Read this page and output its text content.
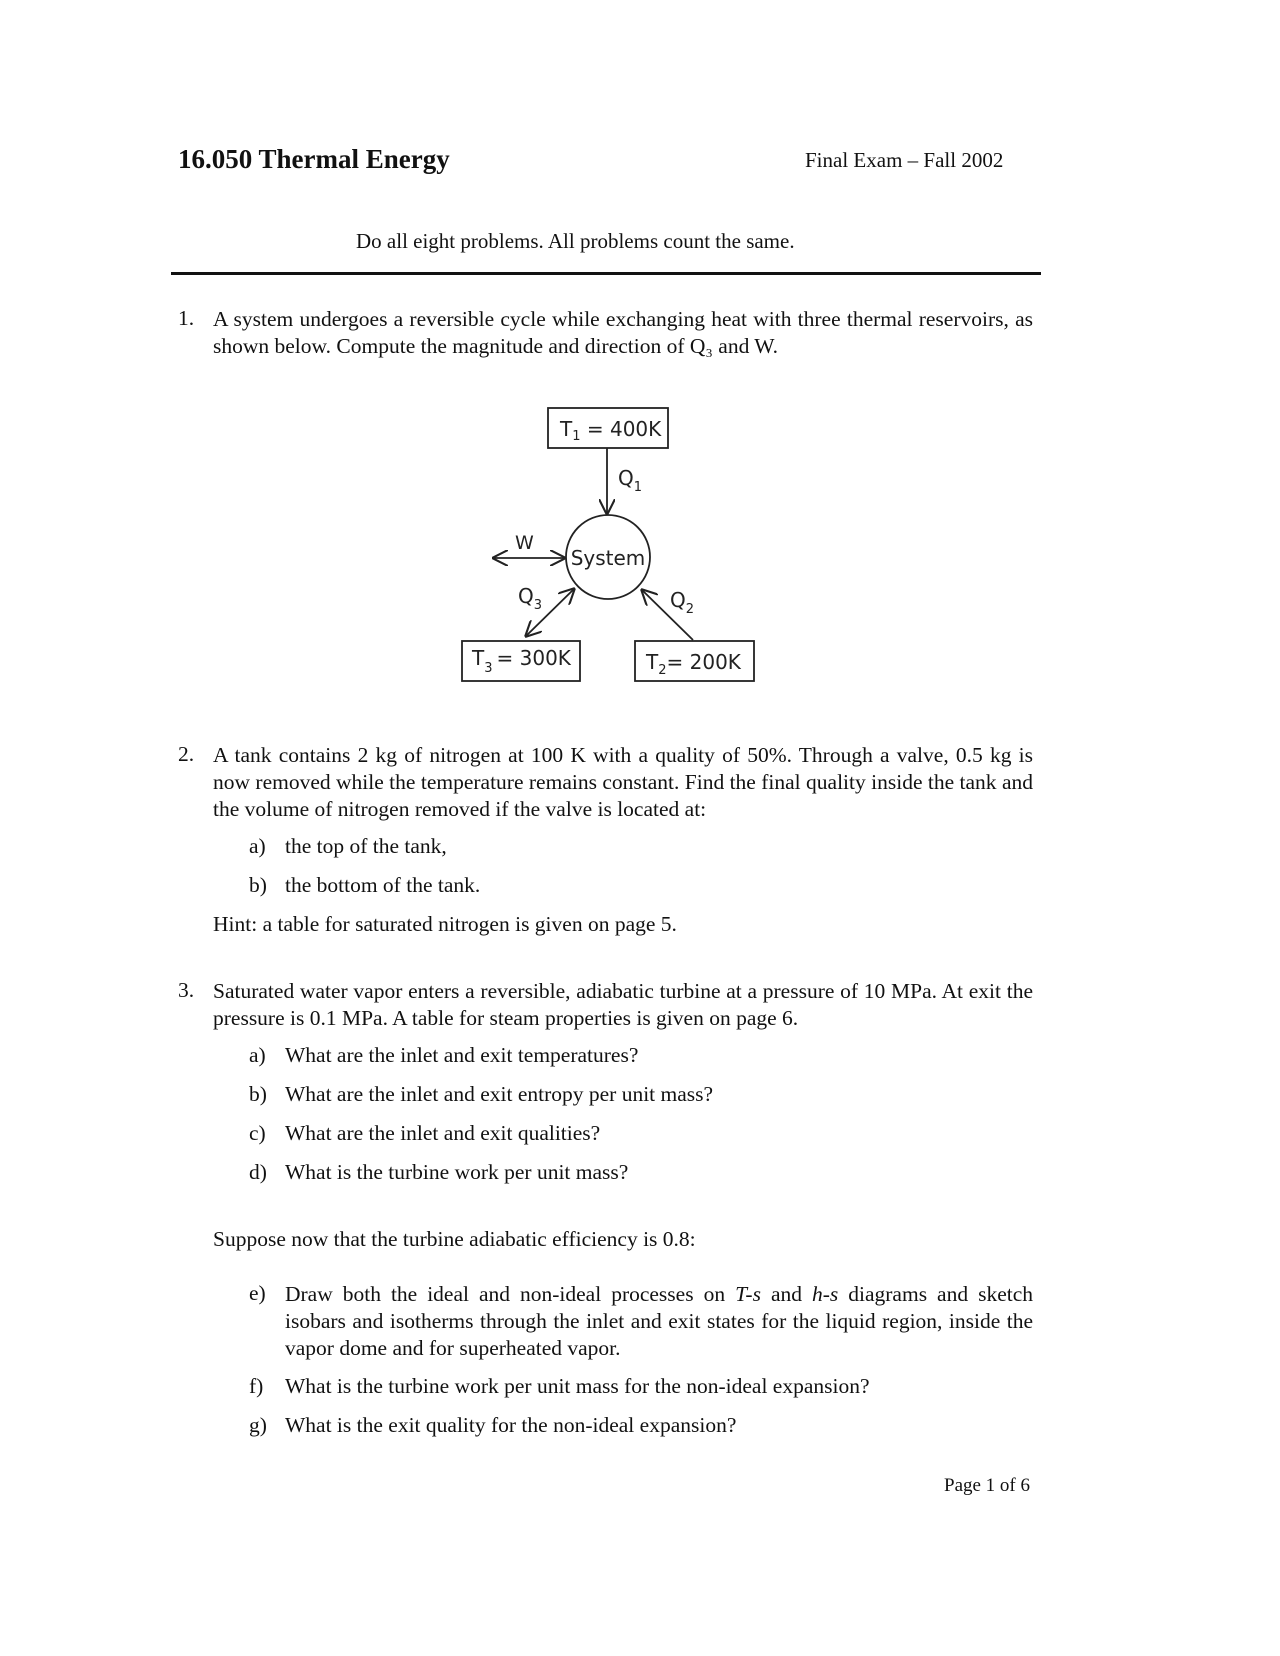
16.050 Thermal Energy	Final Exam – Fall 2002
Do all eight problems. All problems count the same.
1. A system undergoes a reversible cycle while exchanging heat with three thermal reservoirs, as shown below. Compute the magnitude and direction of Q₃ and W.
$T_1 = 400K$
$Q_1$
System
W
$Q_3$	$Q_2$
$T_3 = 300K$	$T_2= 200K$
2. A tank contains 2 kg of nitrogen at 100 K with a quality of 50%. Through a valve, 0.5 kg is now removed while the temperature remains constant. Find the final quality inside the tank and the volume of nitrogen removed if the valve is located at:
a) the top of the tank,
b) the bottom of the tank.
Hint: a table for saturated nitrogen is given on page 5.
3. Saturated water vapor enters a reversible, adiabatic turbine at a pressure of 10 MPa. At exit the pressure is 0.1 MPa. A table for steam properties is given on page 6.
a) What are the inlet and exit temperatures?
b) What are the inlet and exit entropy per unit mass?
c) What are the inlet and exit qualities?
d) What is the turbine work per unit mass?
Suppose now that the turbine adiabatic efficiency is 0.8:
e) Draw both the ideal and non-ideal processes on T-s and h-s diagrams and sketch isobars and isotherms through the inlet and exit states for the liquid region, inside the vapor dome and for superheated vapor.
f) What is the turbine work per unit mass for the non-ideal expansion?
g) What is the exit quality for the non-ideal expansion?
Page 1 of 6
